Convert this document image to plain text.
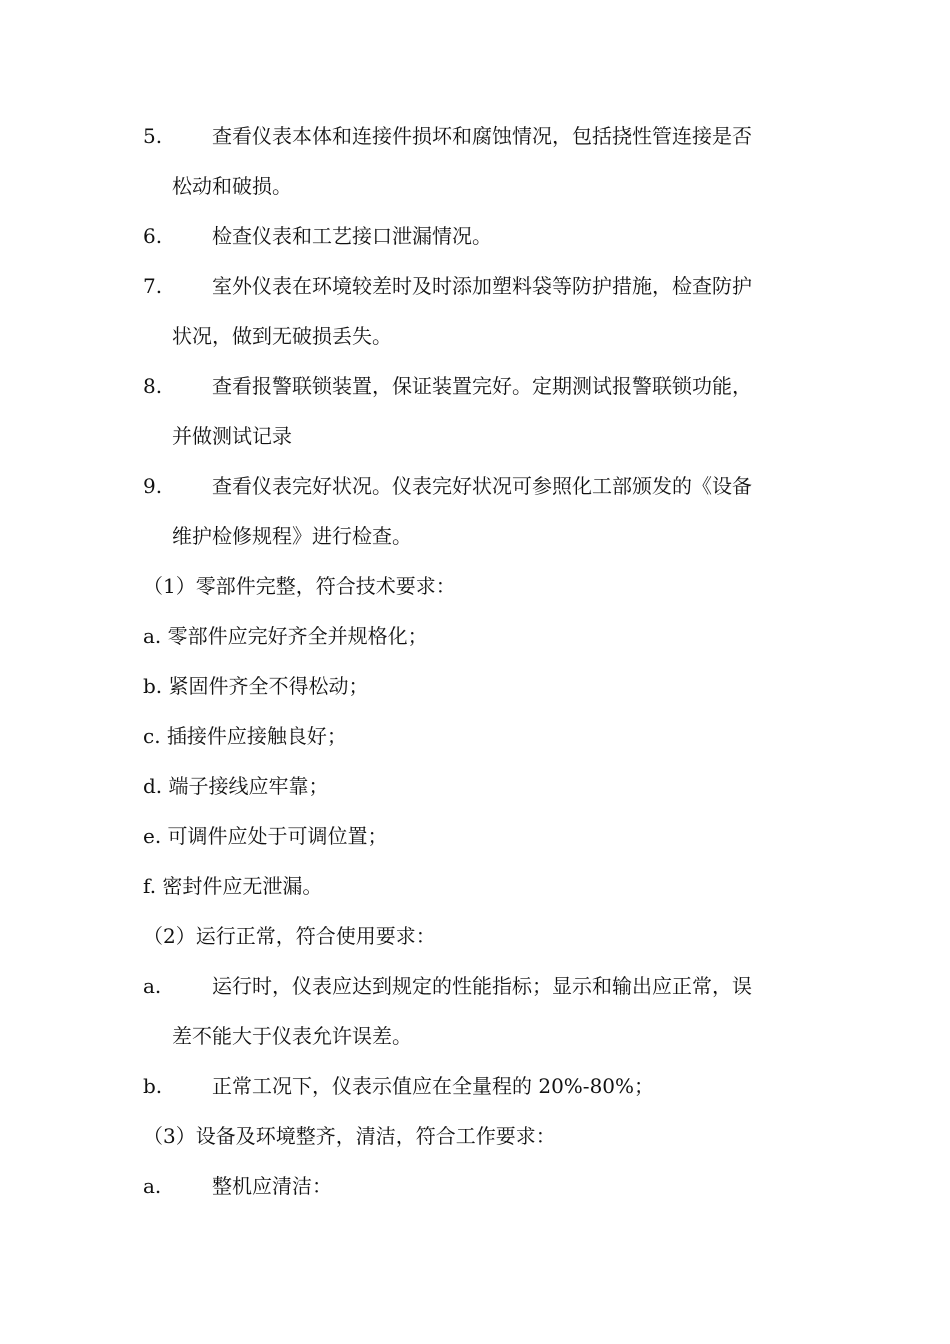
5. 查看仪表本体和连接件损坏和腐蚀情况，包括挠性管连接是否
松动和破损。
6. 检查仪表和工艺接口泄漏情况。
7. 室外仪表在环境较差时及时添加塑料袋等防护措施，检查防护
状况，做到无破损丢失。
8. 查看报警联锁装置，保证装置完好。定期测试报警联锁功能，
并做测试记录
9. 查看仪表完好状况。仪表完好状况可参照化工部颁发的《设备
维护检修规程》进行检查。
（1）零部件完整，符合技术要求：
a. 零部件应完好齐全并规格化；
b. 紧固件齐全不得松动；
c. 插接件应接触良好；
d. 端子接线应牢靠；
e. 可调件应处于可调位置；
f. 密封件应无泄漏。
（2）运行正常，符合使用要求：
a.	运行时，仪表应达到规定的性能指标；显示和输出应正常，误
差不能大于仪表允许误差。
b. 正常工况下，仪表示值应在全量程的 20%-80%；
（3）设备及环境整齐，清洁，符合工作要求：
a.	整机应清洁：
